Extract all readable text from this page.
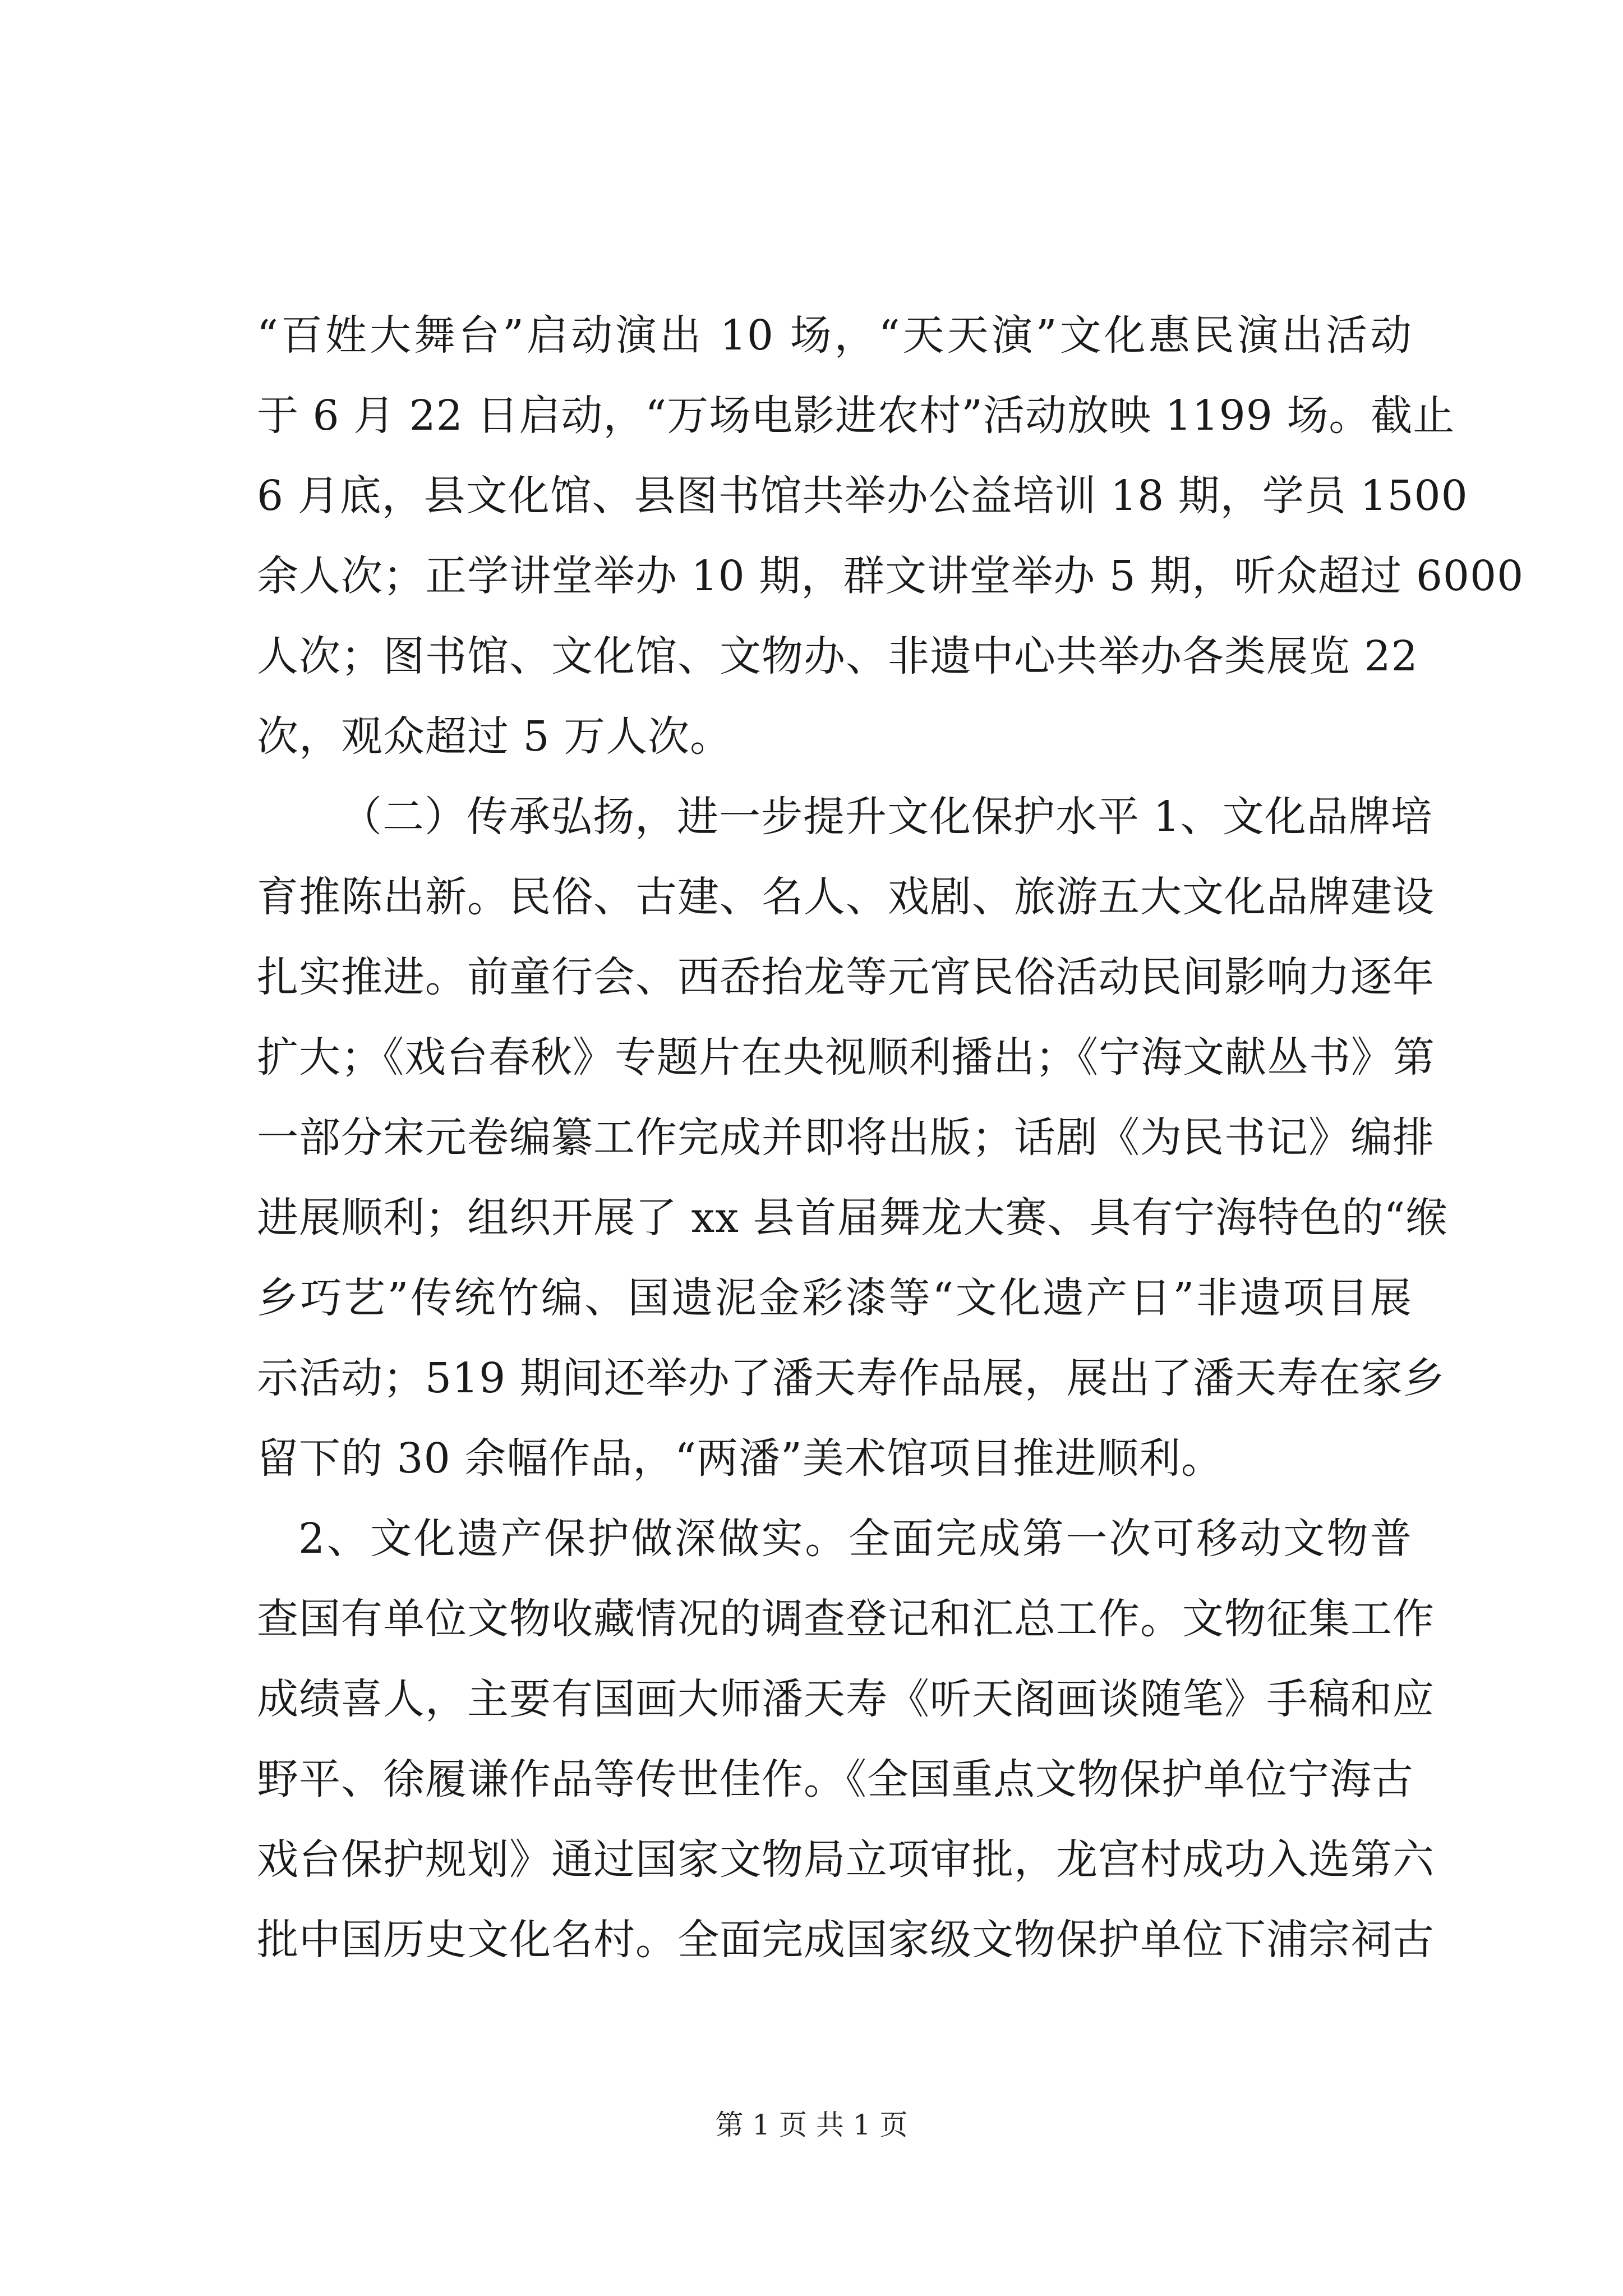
“百姓大舞台”启动演出 10 场，“天天演”文化惠民演出活动
于 6 月 22 日启动，“万场电影进农村”活动放映 1199 场。截止
6 月底，县文化馆、县图书馆共举办公益培训 18 期，学员 1500
余人次；正学讲堂举办 10 期，群文讲堂举办 5 期，听众超过 6000
人次；图书馆、文化馆、文物办、非遗中心共举办各类展览 22
次，观众超过 5 万人次。
（二）传承弘扬，进一步提升文化保护水平 1、文化品牌培
育推陈出新。民俗、古建、名人、戏剧、旅游五大文化品牌建设
扎实推进。前童行会、西岙抬龙等元宵民俗活动民间影响力逐年
扩大；《戏台春秋》专题片在央视顺利播出；《宁海文献丛书》第
一部分宋元卷编纂工作完成并即将出版；话剧《为民书记》编排
进展顺利；组织开展了 xx 县首届舞龙大赛、具有宁海特色的“缑
乡巧艺”传统竹编、国遗泥金彩漆等“文化遗产日”非遗项目展
示活动；519 期间还举办了潘天寿作品展，展出了潘天寿在家乡
留下的 30 余幅作品，“两潘”美术馆项目推进顺利。
2、文化遗产保护做深做实。全面完成第一次可移动文物普
查国有单位文物收藏情况的调查登记和汇总工作。文物征集工作
成绩喜人，主要有国画大师潘天寿《听天阁画谈随笔》手稿和应
野平、徐履谦作品等传世佳作。《全国重点文物保护单位宁海古
戏台保护规划》通过国家文物局立项审批，龙宫村成功入选第六
批中国历史文化名村。全面完成国家级文物保护单位下浦宗祠古
第 1 页 共 1 页
